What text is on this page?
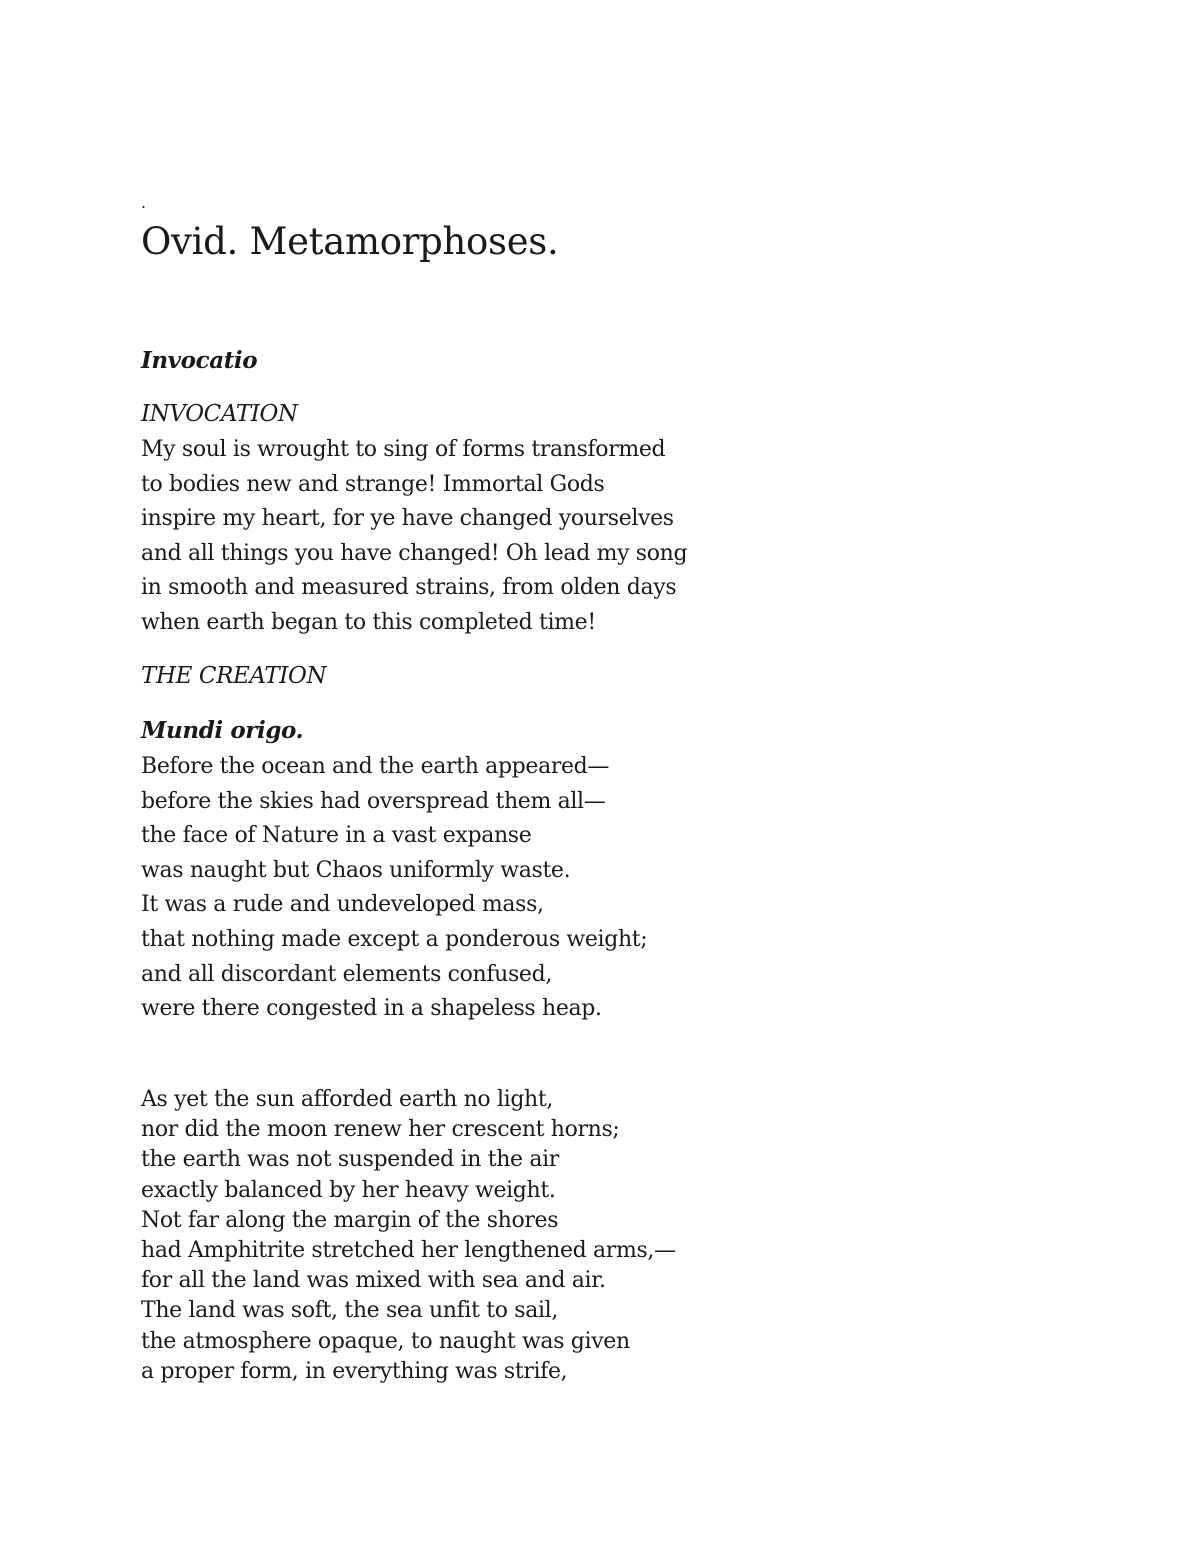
.
Ovid. Metamorphoses.
Invocatio
INVOCATION
My soul is wrought to sing of forms transformed
to bodies new and strange! Immortal Gods
inspire my heart, for ye have changed yourselves
and all things you have changed! Oh lead my song
in smooth and measured strains, from olden days
when earth began to this completed time!
THE CREATION
Mundi origo.
Before the ocean and the earth appeared—
before the skies had overspread them all—
the face of Nature in a vast expanse
was naught but Chaos uniformly waste.
It was a rude and undeveloped mass,
that nothing made except a ponderous weight;
and all discordant elements confused,
were there congested in a shapeless heap.
As yet the sun afforded earth no light,
nor did the moon renew her crescent horns;
the earth was not suspended in the air
exactly balanced by her heavy weight.
Not far along the margin of the shores
had Amphitrite stretched her lengthened arms,—
for all the land was mixed with sea and air.
The land was soft, the sea unfit to sail,
the atmosphere opaque, to naught was given
a proper form, in everything was strife,
